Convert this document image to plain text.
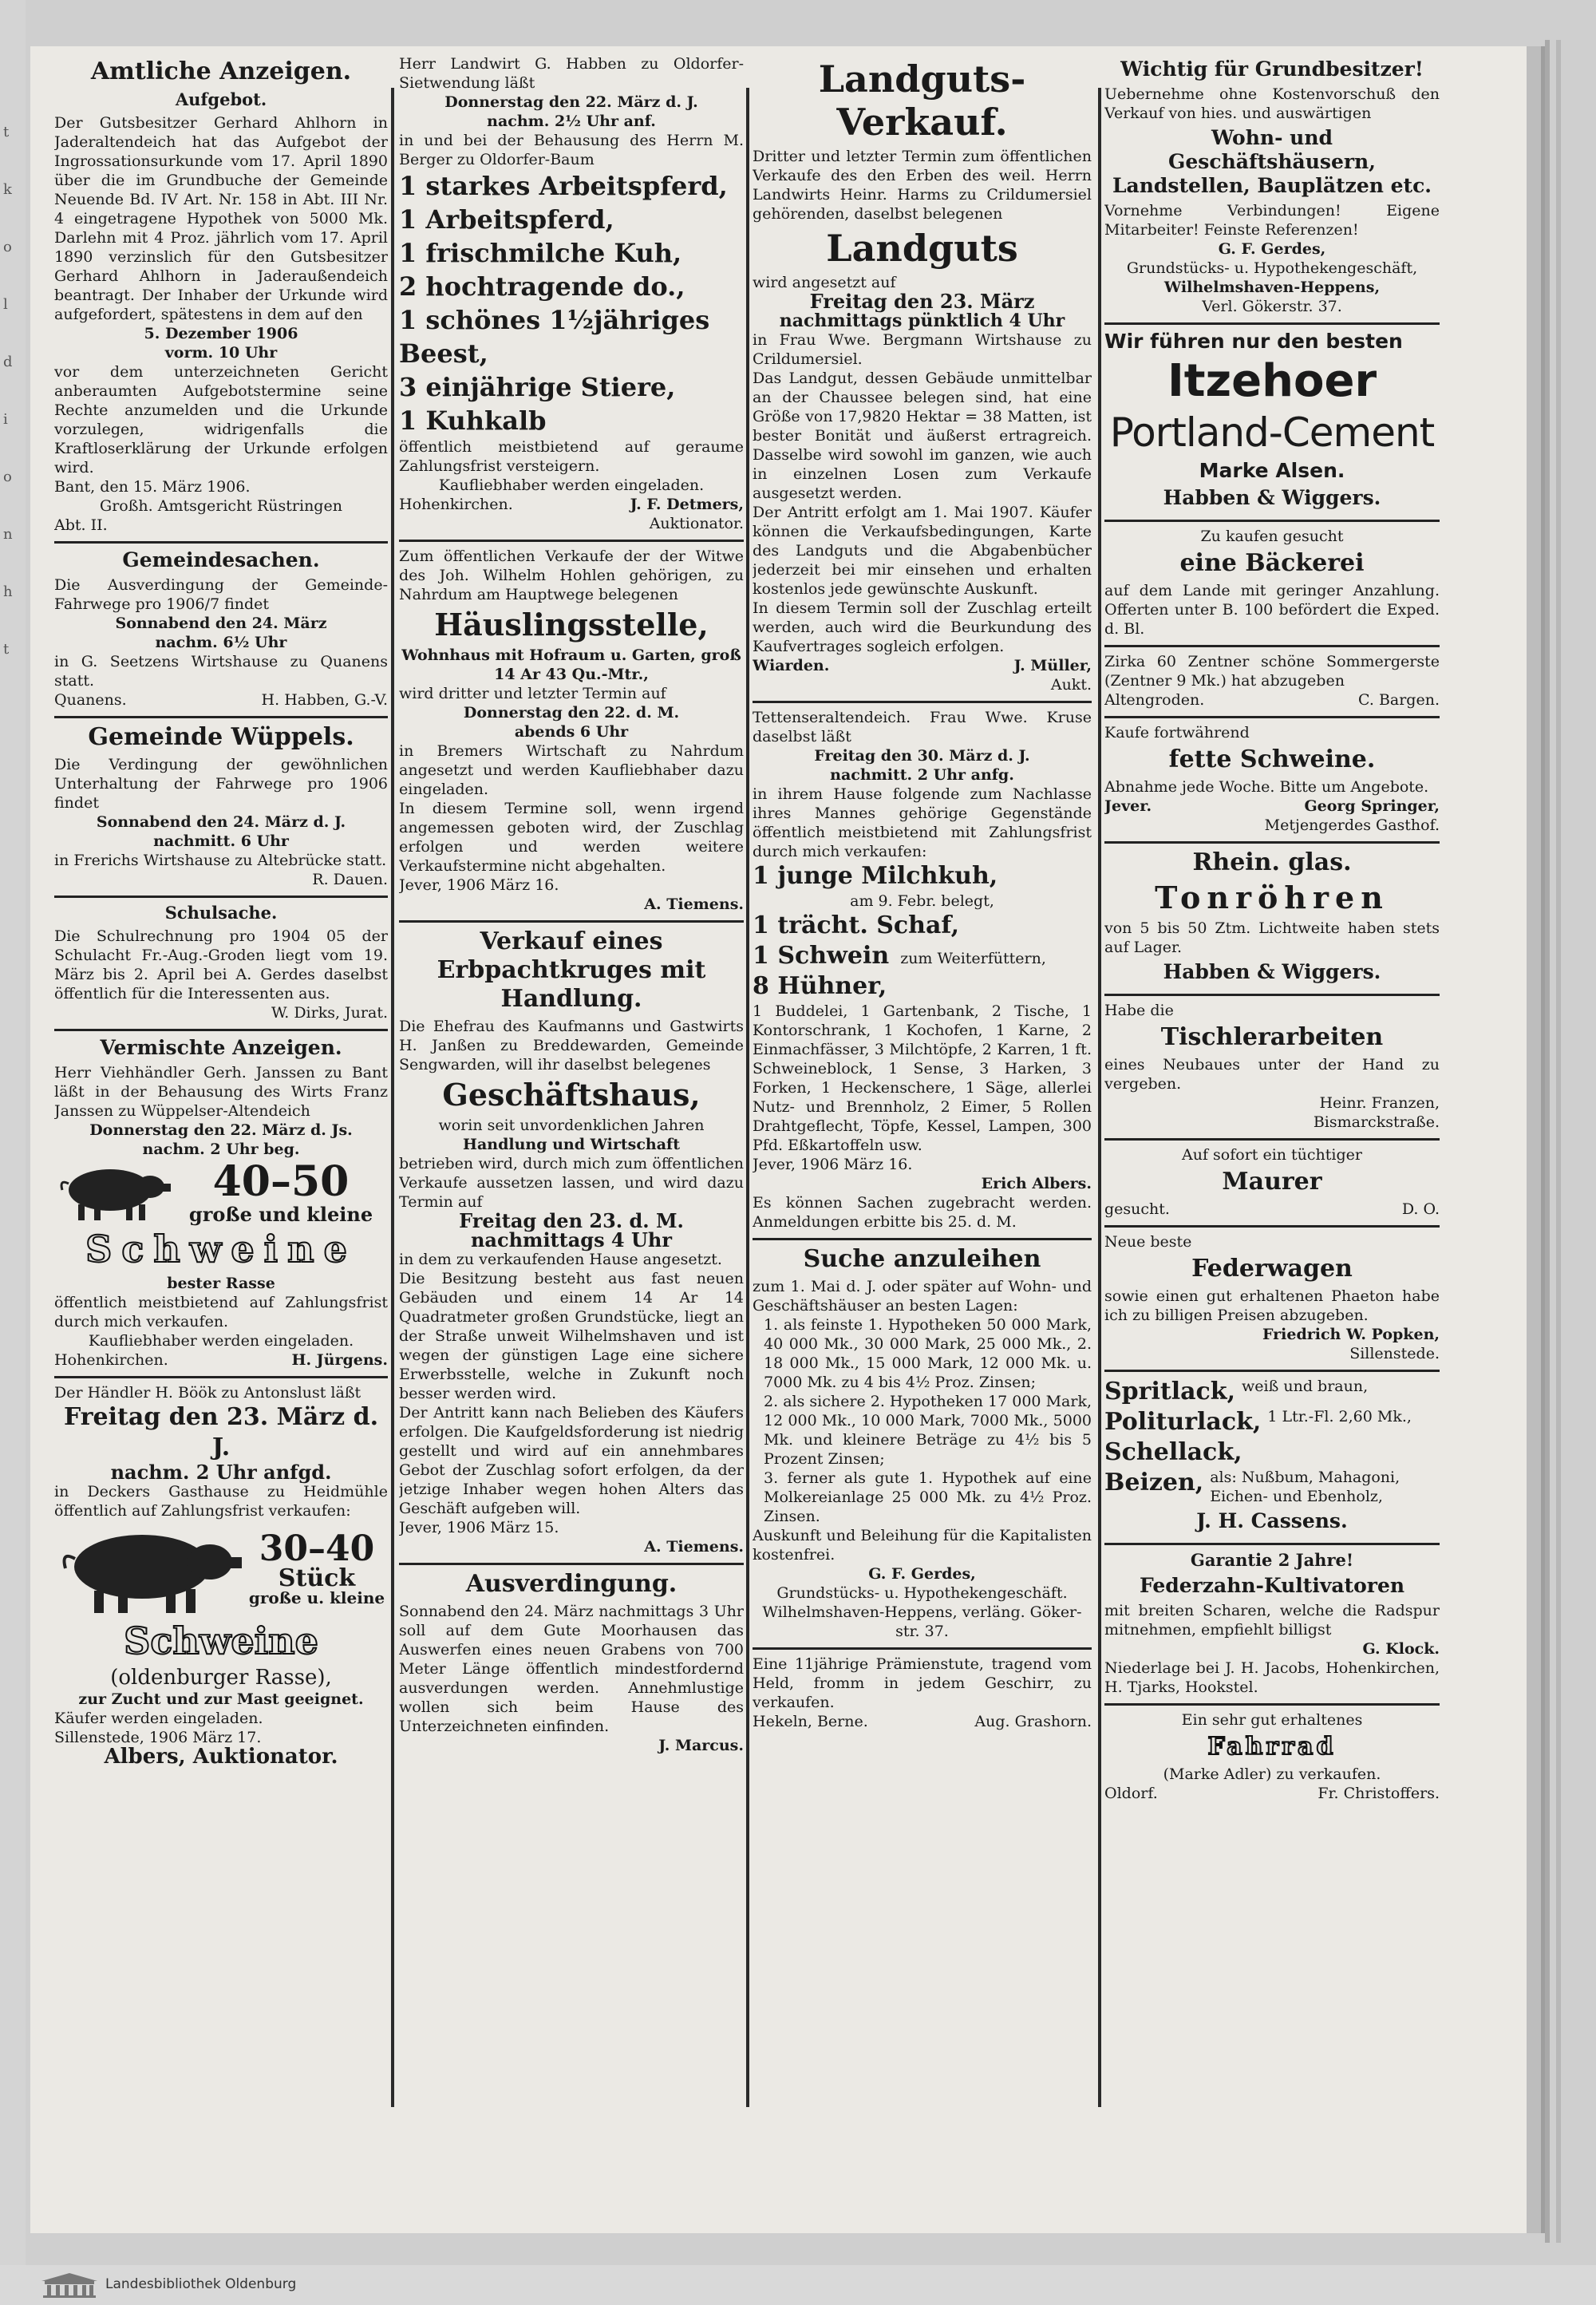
t
k
o
l
d
i
o
n
h
t
Amtliche Anzeigen.
Aufgebot.

Der Gutsbesitzer Gerhard Ahlhorn in Jaderaltendeich hat das Aufgebot der Ingrossationsurkunde vom 17. April 1890 über die im Grundbuche der Gemeinde Neuende Bd. IV Art. Nr. 158 in Abt. III Nr. 4 eingetragene Hypothek von 5000 Mk. Darlehn mit 4 Proz. jährlich vom 17. April 1890 verzinslich für den Gutsbesitzer Gerhard Ahlhorn in Jaderaußendeich beantragt. Der Inhaber der Urkunde wird aufgefordert, spätestens in dem auf den

5. Dezember 1906
vorm. 10 Uhr

vor dem unterzeichneten Gericht anberaumten Aufgebotstermine seine Rechte anzumelden und die Urkunde vorzulegen, widrigenfalls die Kraftloserklärung der Urkunde erfolgen wird.

Bant, den 15. März 1906.

Großh. Amtsgericht Rüstringen

Abt. II.

Gemeindesachen.

Die Ausverdingung der Gemeinde-Fahrwege pro 1906/7 findet

Sonnabend den 24. März
nachm. 6½ Uhr

in G. Seetzens Wirtshause zu Quanens statt.

Quanens.	H. Habben, G.-V.
Gemeinde Wüppels.

Die Verdingung der gewöhnlichen Unterhaltung der Fahrwege pro 1906 findet

Sonnabend den 24. März d. J. nachmitt. 6 Uhr

in Frerichs Wirtshause zu Altebrücke statt.

R. Dauen.

Schulsache.

Die Schulrechnung pro 1904 05 der Schulacht Fr.-Aug.-Groden liegt vom 19. März bis 2. April bei A. Gerdes daselbst öffentlich für die Interessenten aus.

W. Dirks, Jurat.

Vermischte Anzeigen.

Herr Viehhändler Gerh. Janssen zu Bant läßt in der Behausung des Wirts Franz Janssen zu Wüppelser-Altendeich

Donnerstag den 22. März d. Js.
nachm. 2 Uhr beg.
40–50
große und kleine
Schweine
bester Rasse

öffentlich meistbietend auf Zahlungsfrist durch mich verkaufen.

Kaufliebhaber werden eingeladen.

Hohenkirchen.	H. Jürgens.

Der Händler H. Böök zu Antonslust läßt

Freitag den 23. März d. J.
nachm. 2 Uhr anfgd.

in Deckers Gasthause zu Heidmühle öffentlich auf Zahlungsfrist verkaufen:

30–40
Stück
große u. kleine
Schweine
(oldenburger Rasse),
zur Zucht und zur Mast geeignet.

Käufer werden eingeladen.

Sillenstede, 1906 März 17.

Albers, Auktionator.

Herr Landwirt G. Habben zu Oldorfer-Sietwendung läßt

Donnerstag den 22. März d. J.
nachm. 2½ Uhr anf.

in und bei der Behausung des Herrn M. Berger zu Oldorfer-Baum

1 starkes Arbeitspferd,
1 Arbeitspferd,
1 frischmilche Kuh,
2 hochtragende do.,
1 schönes 1½jähriges Beest,
3 einjährige Stiere,
1 Kuhkalb

öffentlich meistbietend auf geraume Zahlungsfrist versteigern.

Kaufliebhaber werden eingeladen.

Hohenkirchen.	J. F. Detmers,

Auktionator.

Zum öffentlichen Verkaufe der der Witwe des Joh. Wilhelm Hohlen gehörigen, zu Nahrdum am Hauptwege belegenen

Häuslingsstelle,
Wohnhaus mit Hofraum u. Garten, groß 14 Ar 43 Qu.-Mtr.,

wird dritter und letzter Termin auf

Donnerstag den 22. d. M.
abends 6 Uhr

in Bremers Wirtschaft zu Nahrdum angesetzt und werden Kaufliebhaber dazu eingeladen.

In diesem Termine soll, wenn irgend angemessen geboten wird, der Zuschlag erfolgen und werden weitere Verkaufstermine nicht abgehalten.

Jever, 1906 März 16.

A. Tiemens.

Verkauf eines Erbpachtkruges mit Handlung.

Die Ehefrau des Kaufmanns und Gastwirts H. Janßen zu Breddewarden, Gemeinde Sengwarden, will ihr daselbst belegenes

Geschäftshaus,

worin seit unvordenklichen Jahren

Handlung und Wirtschaft

betrieben wird, durch mich zum öffentlichen Verkaufe aussetzen lassen, und wird dazu Termin auf

Freitag den 23. d. M.
nachmittags 4 Uhr

in dem zu verkaufenden Hause angesetzt.

Die Besitzung besteht aus fast neuen Gebäuden und einem 14 Ar 14 Quadratmeter großen Grundstücke, liegt an der Straße unweit Wilhelmshaven und ist wegen der günstigen Lage eine sichere Erwerbsstelle, welche in Zukunft noch besser werden wird.

Der Antritt kann nach Belieben des Käufers erfolgen. Die Kaufgeldsforderung ist niedrig gestellt und wird auf ein annehmbares Gebot der Zuschlag sofort erfolgen, da der jetzige Inhaber wegen hohen Alters das Geschäft aufgeben will.

Jever, 1906 März 15.

A. Tiemens.

Ausverdingung.

Sonnabend den 24. März nachmittags 3 Uhr soll auf dem Gute Moorhausen das Auswerfen eines neuen Grabens von 700 Meter Länge öffentlich mindestfordernd ausverdungen werden. Annehmlustige wollen sich beim Hause des Unterzeichneten einfinden.

J. Marcus.

Landguts-Verkauf.

Dritter und letzter Termin zum öffentlichen Verkaufe des den Erben des weil. Herrn Landwirts Heinr. Harms zu Crildumersiel gehörenden, daselbst belegenen

Landguts

wird angesetzt auf

Freitag den 23. März
nachmittags pünktlich 4 Uhr

in Frau Wwe. Bergmann Wirtshause zu Crildumersiel.

Das Landgut, dessen Gebäude unmittelbar an der Chaussee belegen sind, hat eine Größe von 17,9820 Hektar = 38 Matten, ist bester Bonität und äußerst ertragreich. Dasselbe wird sowohl im ganzen, wie auch in einzelnen Losen zum Verkaufe ausgesetzt werden.

Der Antritt erfolgt am 1. Mai 1907. Käufer können die Verkaufsbedingungen, Karte des Landguts und die Abgabenbücher jederzeit bei mir einsehen und erhalten kostenlos jede gewünschte Auskunft.

In diesem Termin soll der Zuschlag erteilt werden, auch wird die Beurkundung des Kaufvertrages sogleich erfolgen.

Wiarden.	J. Müller,

Aukt.

Tettenseraltendeich. Frau Wwe. Kruse daselbst läßt

Freitag den 30. März d. J.
nachmitt. 2 Uhr anfg.

in ihrem Hause folgende zum Nachlasse ihres Mannes gehörige Gegenstände öffentlich meistbietend mit Zahlungsfrist durch mich verkaufen:

1 junge Milchkuh,
am 9. Febr. belegt,
1 trächt. Schaf,
1 Schwein zum Weiterfüttern,
8 Hühner,

1 Buddelei, 1 Gartenbank, 2 Tische, 1 Kontorschrank, 1 Kochofen, 1 Karne, 2 Einmachfässer, 3 Milchtöpfe, 2 Karren, 1 ft. Schweineblock, 1 Sense, 3 Harken, 3 Forken, 1 Heckenschere, 1 Säge, allerlei Nutz- und Brennholz, 2 Eimer, 5 Rollen Drahtgeflecht, Töpfe, Kessel, Lampen, 300 Pfd. Eßkartoffeln usw.

Jever, 1906 März 16.

Erich Albers.

Es können Sachen zugebracht werden. Anmeldungen erbitte bis 25. d. M.

Suche anzuleihen

zum 1. Mai d. J. oder später auf Wohn- und Geschäftshäuser an besten Lagen:

1. als feinste 1. Hypotheken 50 000 Mark, 40 000 Mk., 30 000 Mark, 25 000 Mk., 2. 18 000 Mk., 15 000 Mark, 12 000 Mk. u. 7000 Mk. zu 4 bis 4½ Proz. Zinsen;

2. als sichere 2. Hypotheken 17 000 Mark, 12 000 Mk., 10 000 Mark, 7000 Mk., 5000 Mk. und kleinere Beträge zu 4½ bis 5 Prozent Zinsen;

3. ferner als gute 1. Hypothek auf eine Molkereianlage 25 000 Mk. zu 4½ Proz. Zinsen.

Auskunft und Beleihung für die Kapitalisten kostenfrei.

G. F. Gerdes,

Grundstücks- u. Hypothekengeschäft. Wilhelmshaven-Heppens, verläng. Göker-str. 37.

Eine 11jährige Prämienstute, tragend vom Held, fromm in jedem Geschirr, zu verkaufen.

Hekeln, Berne.	Aug. Grashorn.
Wichtig für Grundbesitzer!

Uebernehme ohne Kostenvorschuß den Verkauf von hies. und auswärtigen

Wohn- und Geschäftshäusern, Landstellen, Bauplätzen etc.

Vornehme Verbindungen! Eigene Mitarbeiter! Feinste Referenzen!

G. F. Gerdes,

Grundstücks- u. Hypothekengeschäft,

Wilhelmshaven-Heppens,

Verl. Gökerstr. 37.

Wir führen nur den besten
Itzehoer
Portland-Cement
Marke Alsen.
Habben & Wiggers.

Zu kaufen gesucht

eine Bäckerei

auf dem Lande mit geringer Anzahlung. Offerten unter B. 100 befördert die Exped. d. Bl.

Zirka 60 Zentner schöne Sommergerste (Zentner 9 Mk.) hat abzugeben

Altengroden.	C. Bargen.

Kaufe fortwährend

fette Schweine.

Abnahme jede Woche. Bitte um Angebote.

Jever.	Georg Springer,

Metjengerdes Gasthof.

Rhein. glas.
Tonröhren

von 5 bis 50 Ztm. Lichtweite haben stets auf Lager.

Habben & Wiggers.

Habe die

Tischlerarbeiten

eines Neubaues unter der Hand zu vergeben.

Heinr. Franzen,

Bismarckstraße.

Auf sofort ein tüchtiger

Maurer
gesucht.	D. O.

Neue beste

Federwagen

sowie einen gut erhaltenen Phaeton habe ich zu billigen Preisen abzugeben.

Friedrich W. Popken,

Sillenstede.

Spritlack, weiß und braun,
Politurlack, 1 Ltr.-Fl. 2,60 Mk.,
Schellack,
Beizen, als: Nußbum, Mahagoni, Eichen- und Ebenholz,
J. H. Cassens.
Garantie 2 Jahre!
Federzahn-Kultivatoren

mit breiten Scharen, welche die Radspur mitnehmen, empfiehlt billigst

G. Klock.

Niederlage bei J. H. Jacobs, Hohenkirchen, H. Tjarks, Hookstel.

Ein sehr gut erhaltenes

Fahrrad

(Marke Adler) zu verkaufen.

Oldorf.	Fr. Christoffers.
Landesbibliothek Oldenburg
